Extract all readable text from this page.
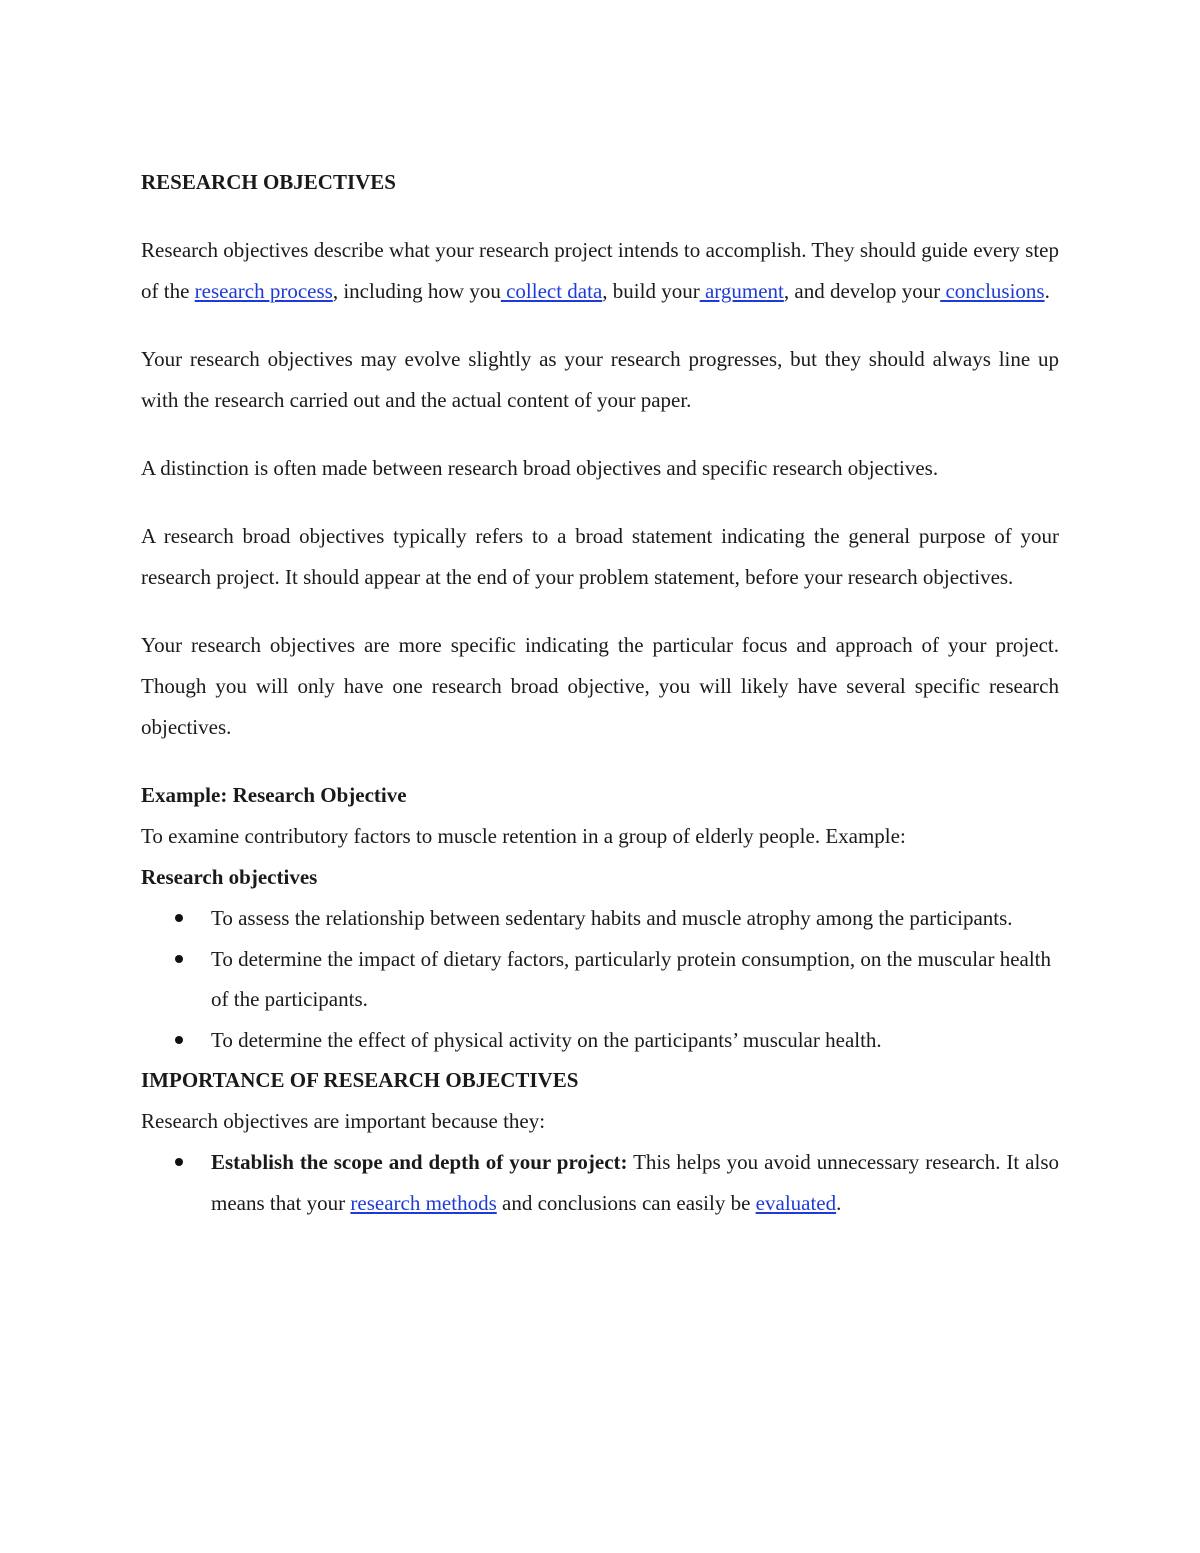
RESEARCH OBJECTIVES

Research objectives describe what your research project intends to accomplish. They should guide every step of the research process, including how you collect data, build your argument, and develop your conclusions.

Your research objectives may evolve slightly as your research progresses, but they should always line up with the research carried out and the actual content of your paper.

A distinction is often made between research broad objectives and specific research objectives.

A research broad objectives typically refers to a broad statement indicating the general purpose of your research project. It should appear at the end of your problem statement, before your research objectives.

Your research objectives are more specific indicating the particular focus and approach of your project. Though you will only have one research broad objective, you will likely have several specific research objectives.

Example: Research Objective

To examine contributory factors to muscle retention in a group of elderly people. Example:

Research objectives

To assess the relationship between sedentary habits and muscle atrophy among the participants.
To determine the impact of dietary factors, particularly protein consumption, on the muscular health of the participants.
To determine the effect of physical activity on the participants’ muscular health.

IMPORTANCE OF RESEARCH OBJECTIVES

Research objectives are important because they:

Establish the scope and depth of your project: This helps you avoid unnecessary research. It also means that your research methods and conclusions can easily be evaluated.
